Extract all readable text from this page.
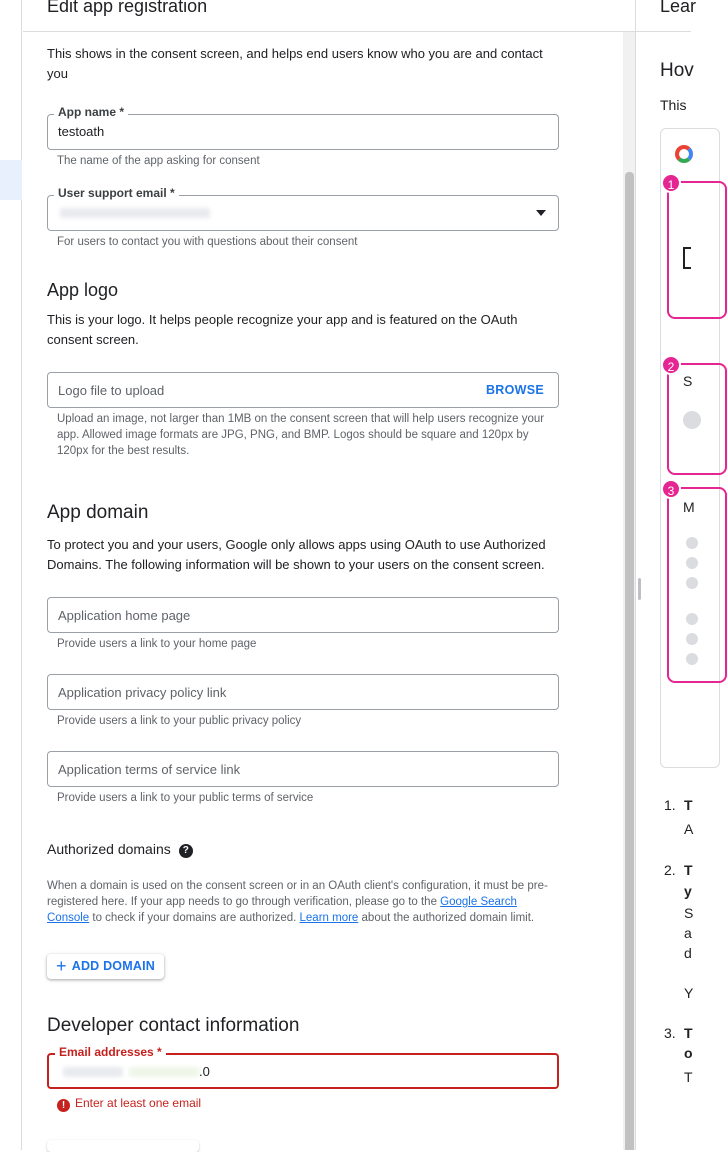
Edit app registration
This shows in the consent screen, and helps end users know who you are and contact you
App name *
testoath
The name of the app asking for consent
User support email *
For users to contact you with questions about their consent
App logo
This is your logo. It helps people recognize your app and is featured on the OAuth consent screen.
Logo file to upload	BROWSE
Upload an image, not larger than 1MB on the consent screen that will help users recognize your app. Allowed image formats are JPG, PNG, and BMP. Logos should be square and 120px by 120px for the best results.
App domain
To protect you and your users, Google only allows apps using OAuth to use Authorized Domains. The following information will be shown to your users on the consent screen.
Application home page
Provide users a link to your home page
Application privacy policy link
Provide users a link to your public privacy policy
Application terms of service link
Provide users a link to your public terms of service
Authorized domains ?
When a domain is used on the consent screen or in an OAuth client's configuration, it must be pre-registered here. If your app needs to go through verification, please go to the Google Search Console to check if your domains are authorized. Learn more about the authorized domain limit.
+ ADD DOMAIN
Developer contact information
Email addresses *
.0
! Enter at least one email
Lear
Hov
This
1
2
S
3
M
1. T
A
2. T
y
S
a
d
Y
3. T
o
T
